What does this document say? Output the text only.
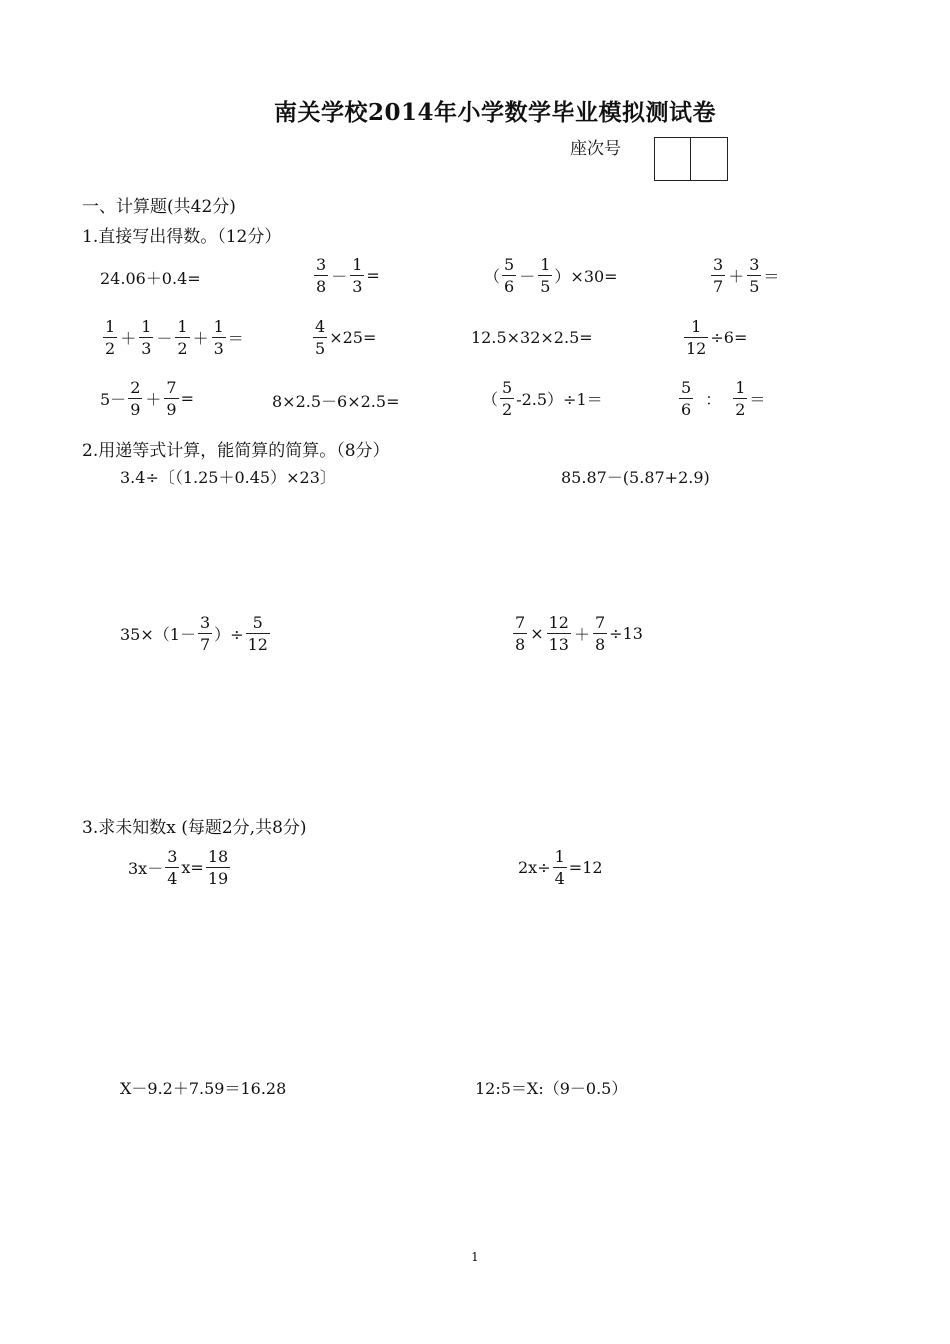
南关学校2014年小学数学毕业模拟测试卷
座次号
一、计算题(共42分)
1.直接写出得数。（12分）
24.06＋0.4=	$\frac{3}{8} - \frac{1}{3}$ =	（ $\frac{5}{6} - \frac{1}{5} )\times 30=$	$\frac{3}{7} + \frac{3}{5}$ ＝
$\frac{1}{2} + \frac{1}{3} - \frac{1}{2} + \frac{1}{3}$ ＝	$\frac{4}{5} \times 25=$	12.5×32×2.5=	$\frac{1}{12} \div 6=$
$5- \frac{2}{9} + \frac{7}{9}$ =	8×2.5－6×2.5=	（ $\frac{5}{2} -2.5)\div 1=$	$\frac{5}{6}$ ： $\frac{1}{2}$ ＝
2.用递等式计算，能简算的简算。（8分）
3.4÷〔（1.25＋0.45）×23〕	85.87－(5.87+2.9)
$35\times(1- \frac{3}{7}$ ）÷ $\frac{5}{12}$	$\frac{7}{8} \times \frac{12}{13} + \frac{7}{8} \div 13$
3.求未知数x (每题2分,共8分)
$3x- \frac{3}{4} x= \frac{18}{19}$	$2x\div \frac{1}{4} =12$
X－9.2＋7.59＝16.28	12:5＝X:（9－0.5）
1
